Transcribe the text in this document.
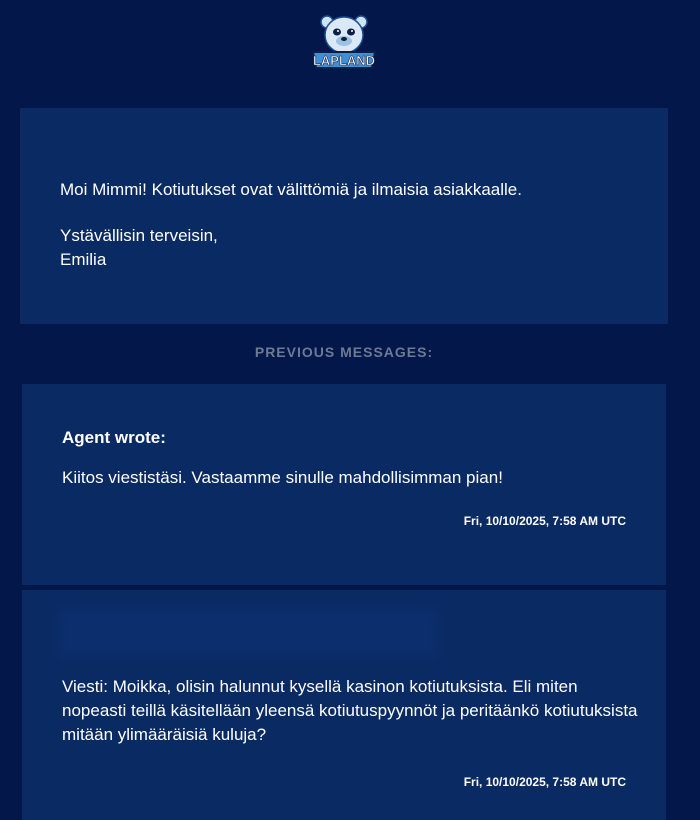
LAPLAND

Moi Mimmi! Kotiutukset ovat välittömiä ja ilmaisia asiakkaalle.

Ystävällisin terveisin,

Emilia

PREVIOUS MESSAGES:
Agent wrote:
Kiitos viestistäsi. Vastaamme sinulle mahdollisimman pian!
Fri, 10/10/2025, 7:58 AM UTC
Viesti: Moikka, olisin halunnut kysellä kasinon kotiutuksista. Eli miten nopeasti teillä käsitellään yleensä kotiutuspyynnöt ja peritäänkö kotiutuksista mitään ylimääräisiä kuluja?
Fri, 10/10/2025, 7:58 AM UTC
